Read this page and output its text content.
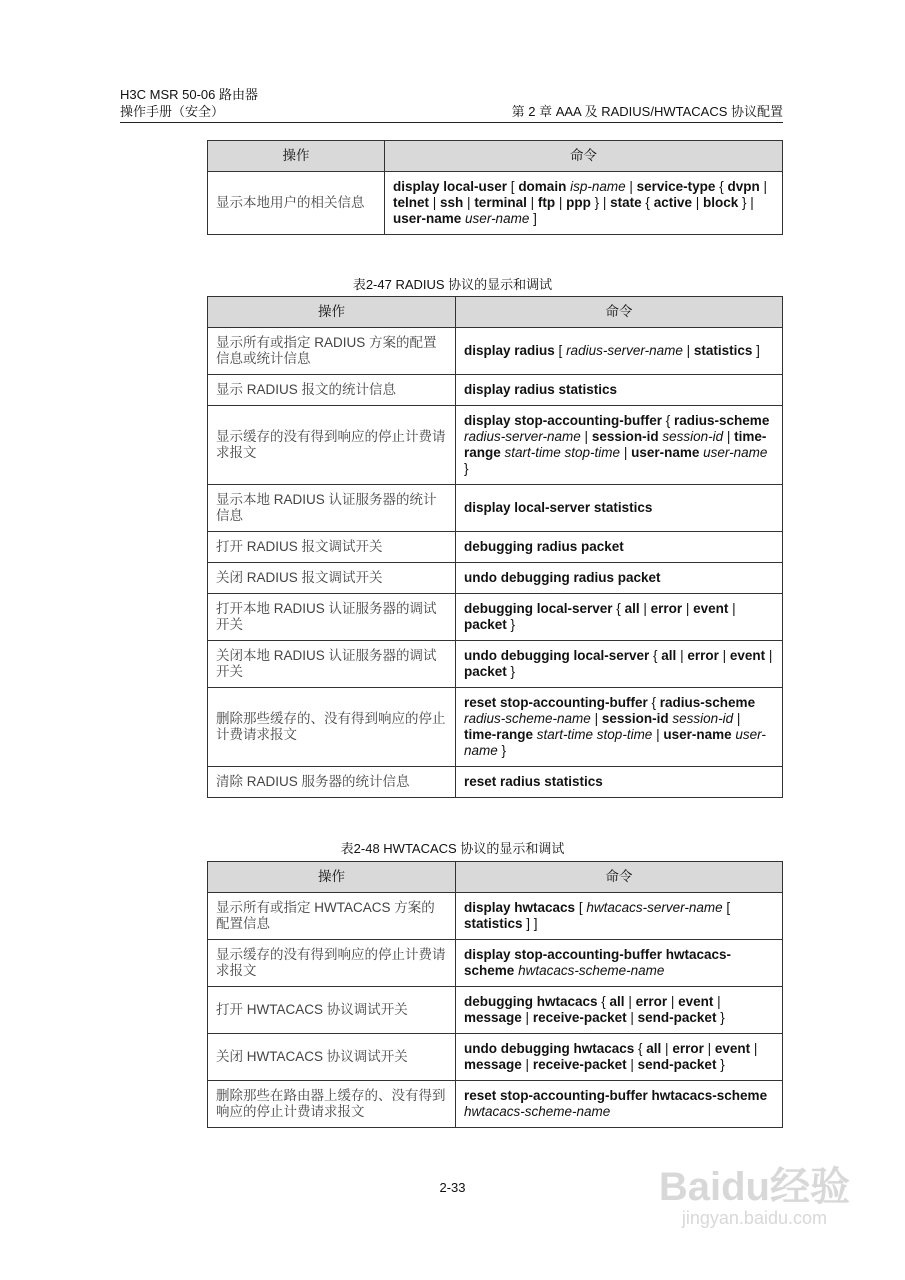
H3C MSR 50-06 路由器
操作手册（安全）	第 2 章 AAA 及 RADIUS/HWTACACS 协议配置
操作	命令
显示本地用户的相关信息	display local-user [ domain isp-name | service-type { dvpn | telnet | ssh | terminal | ftp | ppp } | state { active | block } | user-name user-name ]
表2-47 RADIUS 协议的显示和调试
操作	命令
显示所有或指定 RADIUS 方案的配置信息或统计信息	display radius [ radius-server-name | statistics ]
显示 RADIUS 报文的统计信息	display radius statistics
显示缓存的没有得到响应的停止计费请求报文	display stop-accounting-buffer { radius-scheme radius-server-name | session-id session-id | time-range start-time stop-time | user-name user-name }
显示本地 RADIUS 认证服务器的统计信息	display local-server statistics
打开 RADIUS 报文调试开关	debugging radius packet
关闭 RADIUS 报文调试开关	undo debugging radius packet
打开本地 RADIUS 认证服务器的调试开关	debugging local-server { all | error | event | packet }
关闭本地 RADIUS 认证服务器的调试开关	undo debugging local-server { all | error | event | packet }
删除那些缓存的、没有得到响应的停止计费请求报文	reset stop-accounting-buffer { radius-scheme radius-scheme-name | session-id session-id | time-range start-time stop-time | user-name user-name }
清除 RADIUS 服务器的统计信息	reset radius statistics
表2-48 HWTACACS 协议的显示和调试
操作	命令
显示所有或指定 HWTACACS 方案的配置信息	display hwtacacs [ hwtacacs-server-name [ statistics ] ]
显示缓存的没有得到响应的停止计费请求报文	display stop-accounting-buffer hwtacacs-scheme hwtacacs-scheme-name
打开 HWTACACS 协议调试开关	debugging hwtacacs { all | error | event | message | receive-packet | send-packet }
关闭 HWTACACS 协议调试开关	undo debugging hwtacacs { all | error | event | message | receive-packet | send-packet }
删除那些在路由器上缓存的、没有得到响应的停止计费请求报文	reset stop-accounting-buffer hwtacacs-scheme hwtacacs-scheme-name
2-33	Baidu经验
jingyan.baidu.com
